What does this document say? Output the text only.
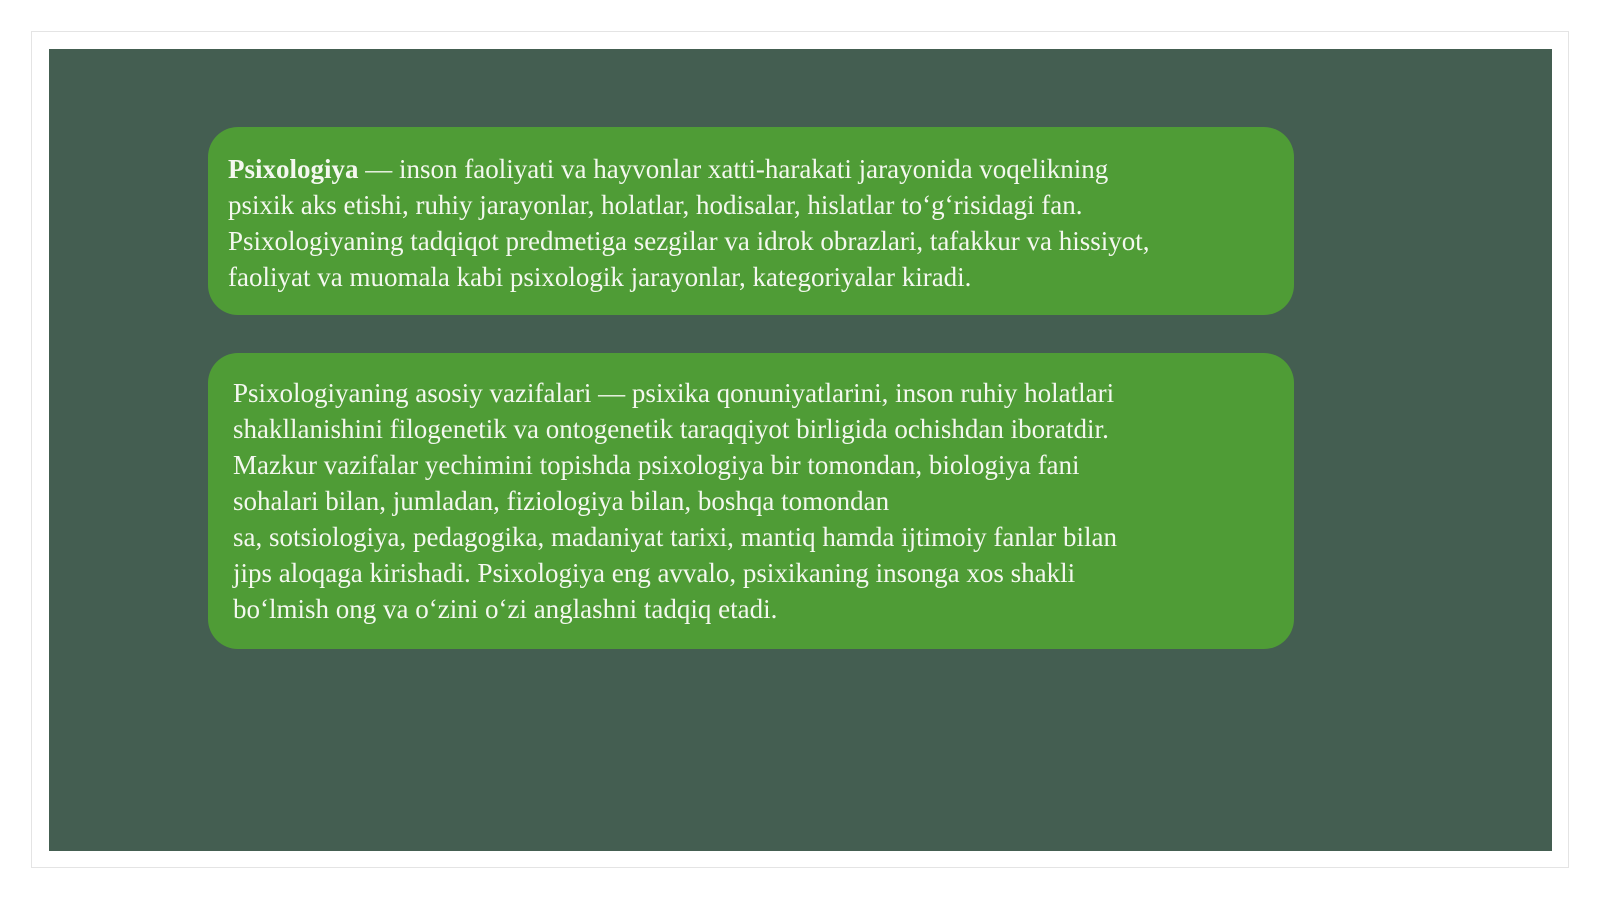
Psixologiya — inson faoliyati va hayvonlar xatti-harakati jarayonida voqelikning
psixik aks etishi, ruhiy jarayonlar, holatlar, hodisalar, hislatlar to‘g‘risidagi fan.
Psixologiyaning tadqiqot predmetiga sezgilar va idrok obrazlari, tafakkur va hissiyot,
faoliyat va muomala kabi psixologik jarayonlar, kategoriyalar kiradi.
Psixologiyaning asosiy vazifalari — psixika qonuniyatlarini, inson ruhiy holatlari
shakllanishini filogenetik va ontogenetik taraqqiyot birligida ochishdan iboratdir.
Mazkur vazifalar yechimini topishda psixologiya bir tomondan, biologiya fani
sohalari bilan, jumladan, fiziologiya bilan, boshqa tomondan
sa, sotsiologiya, pedagogika, madaniyat tarixi, mantiq hamda ijtimoiy fanlar bilan
jips aloqaga kirishadi. Psixologiya eng avvalo, psixikaning insonga xos shakli
bo‘lmish ong va o‘zini o‘zi anglashni tadqiq etadi.
